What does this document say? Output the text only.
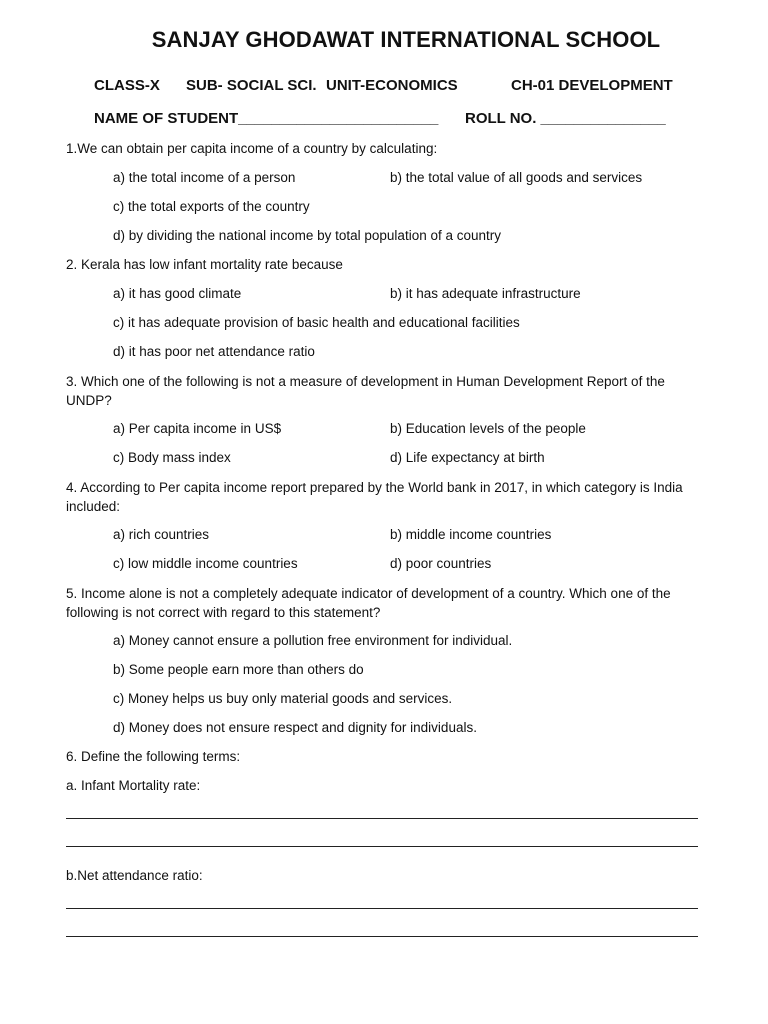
SANJAY GHODAWAT INTERNATIONAL SCHOOL
CLASS-X SUB- SOCIAL SCI. UNIT-ECONOMICS	CH-01 DEVELOPMENT
NAME OF STUDENT________________________ ROLL NO. _______________
1.We can obtain per capita income of a country by calculating:
a) the total income of a person	b) the total value of all goods and services
c) the total exports of the country
d) by dividing the national income by total population of a country
2. Kerala has low infant mortality rate because
a) it has good climate	b) it has adequate infrastructure
c) it has adequate provision of basic health and educational facilities
d) it has poor net attendance ratio
3. Which one of the following is not a measure of development in Human Development Report of the UNDP?
a) Per capita income in US$	b) Education levels of the people
c) Body mass index	d) Life expectancy at birth
4. According to Per capita income report prepared by the World bank in 2017, in which category is India included:
a) rich countries	b) middle income countries
c) low middle income countries	d) poor countries
5. Income alone is not a completely adequate indicator of development of a country. Which one of the following is not correct with regard to this statement?
a) Money cannot ensure a pollution free environment for individual.
b) Some people earn more than others do
c) Money helps us buy only material goods and services.
d) Money does not ensure respect and dignity for individuals.
6. Define the following terms:
a. Infant Mortality rate:
b.Net attendance ratio:
